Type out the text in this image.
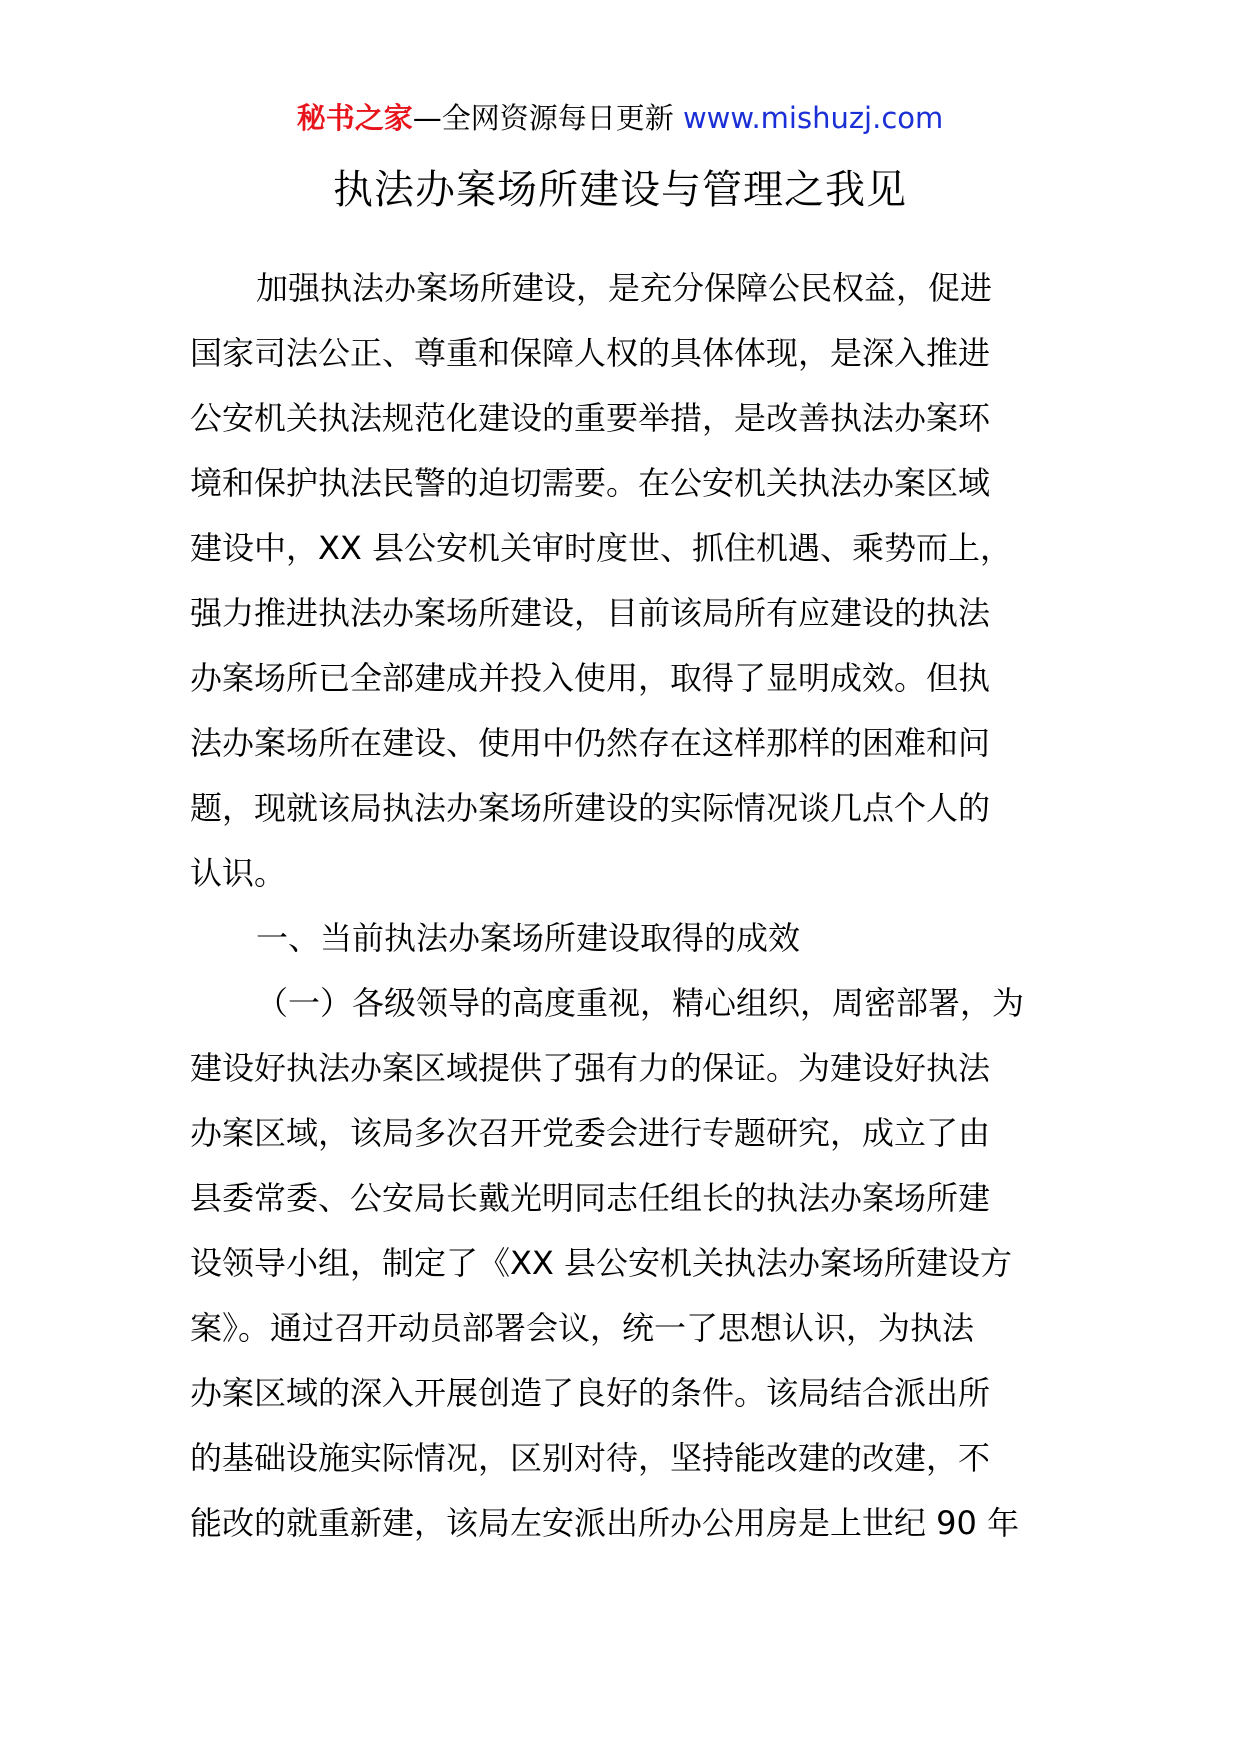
秘书之家—全网资源每日更新 www.mishuzj.com
执法办案场所建设与管理之我见
加强执法办案场所建设，是充分保障公民权益，促进
国家司法公正、尊重和保障人权的具体体现，是深入推进
公安机关执法规范化建设的重要举措，是改善执法办案环
境和保护执法民警的迫切需要。在公安机关执法办案区域
建设中，XX 县公安机关审时度世、抓住机遇、乘势而上，
强力推进执法办案场所建设，目前该局所有应建设的执法
办案场所已全部建成并投入使用，取得了显明成效。但执
法办案场所在建设、使用中仍然存在这样那样的困难和问
题，现就该局执法办案场所建设的实际情况谈几点个人的
认识。
一、当前执法办案场所建设取得的成效
（一）各级领导的高度重视，精心组织，周密部署，为
建设好执法办案区域提供了强有力的保证。为建设好执法
办案区域，该局多次召开党委会进行专题研究，成立了由
县委常委、公安局长戴光明同志任组长的执法办案场所建
设领导小组，制定了《XX 县公安机关执法办案场所建设方
案》。通过召开动员部署会议，统一了思想认识，为执法
办案区域的深入开展创造了良好的条件。该局结合派出所
的基础设施实际情况，区别对待，坚持能改建的改建，不
能改的就重新建，该局左安派出所办公用房是上世纪 90 年
